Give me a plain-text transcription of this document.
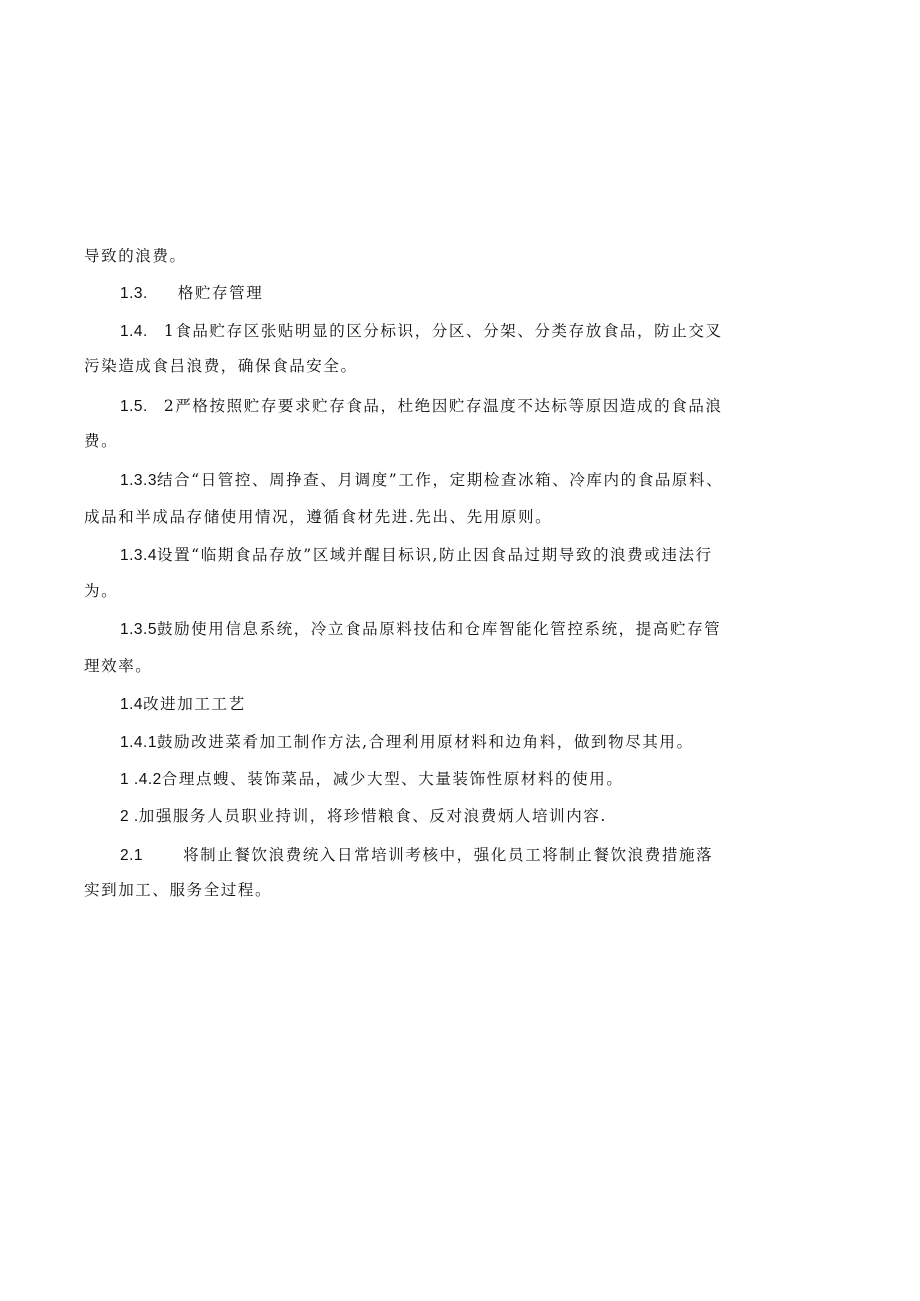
导致的浪费。
1.3. 格贮存管理
1.4. 1食品贮存区张贴明显的区分标识，分区、分架、分类存放食品，防止交叉
污染造成食吕浪费，确保食品安全。
1.5. 2严格按照贮存要求贮存食品，杜绝因贮存温度不达标等原因造成的食品浪
费。
1.3.3结合“日管控、周挣查、月调度”工作，定期检查冰箱、冷库内的食品原料、
成品和半成品存储使用情况，遵循食材先进.先出、先用原则。
1.3.4设置“临期食品存放”区域并醒目标识,防止因食品过期导致的浪费或违法行
为。
1.3.5鼓励使用信息系统，冷立食品原料技估和仓库智能化管控系统，提高贮存管
理效率。
1.4改进加工工艺
1.4.1鼓励改进菜肴加工制作方法,合理利用原材料和边角料，做到物尽其用。
1 .4.2合理点螋、装饰菜品，减少大型、大量装饰性原材料的使用。
2 .加强服务人员职业持训，将珍惜粮食、反对浪费炳人培训内容.
2.1	将制止餐饮浪费统入日常培训考核中，强化员工将制止餐饮浪费措施落
实到加工、服务全过程。
